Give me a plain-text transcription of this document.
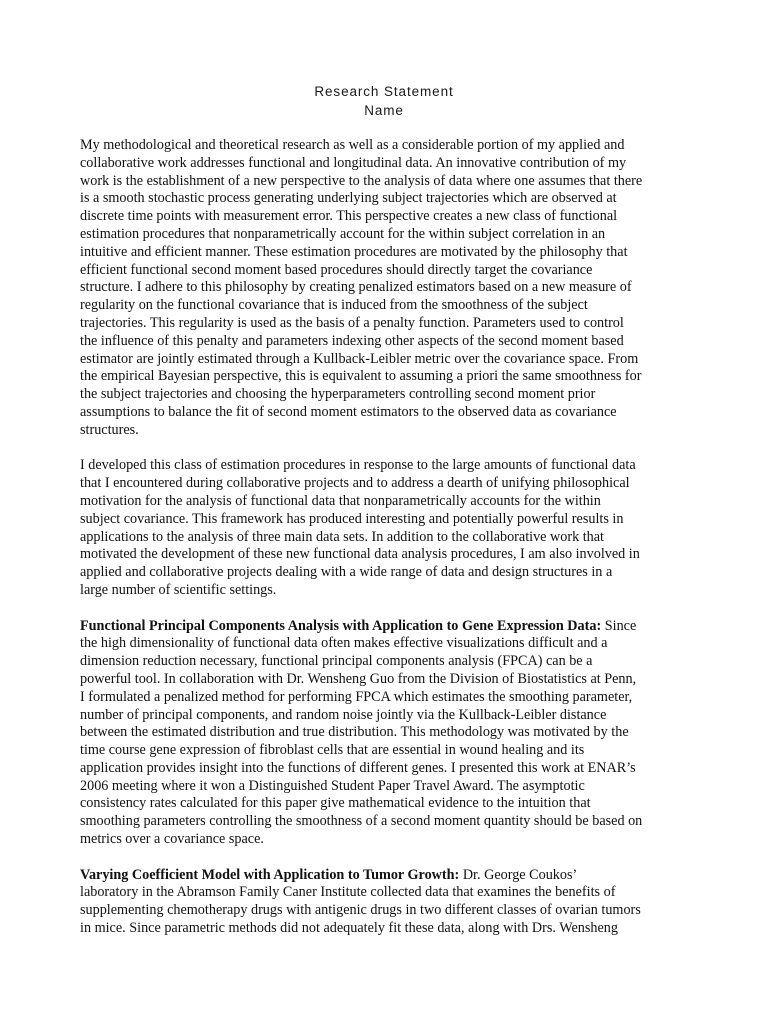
Research Statement
Name

My methodological and theoretical research as well as a considerable portion of my applied and
collaborative work addresses functional and longitudinal data. An innovative contribution of my
work is the establishment of a new perspective to the analysis of data where one assumes that there
is a smooth stochastic process generating underlying subject trajectories which are observed at
discrete time points with measurement error. This perspective creates a new class of functional
estimation procedures that nonparametrically account for the within subject correlation in an
intuitive and efficient manner. These estimation procedures are motivated by the philosophy that
efficient functional second moment based procedures should directly target the covariance
structure. I adhere to this philosophy by creating penalized estimators based on a new measure of
regularity on the functional covariance that is induced from the smoothness of the subject
trajectories. This regularity is used as the basis of a penalty function. Parameters used to control
the influence of this penalty and parameters indexing other aspects of the second moment based
estimator are jointly estimated through a Kullback-Leibler metric over the covariance space. From
the empirical Bayesian perspective, this is equivalent to assuming a priori the same smoothness for
the subject trajectories and choosing the hyperparameters controlling second moment prior
assumptions to balance the fit of second moment estimators to the observed data as covariance
structures.

I developed this class of estimation procedures in response to the large amounts of functional data
that I encountered during collaborative projects and to address a dearth of unifying philosophical
motivation for the analysis of functional data that nonparametrically accounts for the within
subject covariance. This framework has produced interesting and potentially powerful results in
applications to the analysis of three main data sets. In addition to the collaborative work that
motivated the development of these new functional data analysis procedures, I am also involved in
applied and collaborative projects dealing with a wide range of data and design structures in a
large number of scientific settings.

Functional Principal Components Analysis with Application to Gene Expression Data: Since
the high dimensionality of functional data often makes effective visualizations difficult and a
dimension reduction necessary, functional principal components analysis (FPCA) can be a
powerful tool. In collaboration with Dr. Wensheng Guo from the Division of Biostatistics at Penn,
I formulated a penalized method for performing FPCA which estimates the smoothing parameter,
number of principal components, and random noise jointly via the Kullback-Leibler distance
between the estimated distribution and true distribution. This methodology was motivated by the
time course gene expression of fibroblast cells that are essential in wound healing and its
application provides insight into the functions of different genes. I presented this work at ENAR’s
2006 meeting where it won a Distinguished Student Paper Travel Award. The asymptotic
consistency rates calculated for this paper give mathematical evidence to the intuition that
smoothing parameters controlling the smoothness of a second moment quantity should be based on
metrics over a covariance space.

Varying Coefficient Model with Application to Tumor Growth: Dr. George Coukos’
laboratory in the Abramson Family Caner Institute collected data that examines the benefits of
supplementing chemotherapy drugs with antigenic drugs in two different classes of ovarian tumors
in mice. Since parametric methods did not adequately fit these data, along with Drs. Wensheng
